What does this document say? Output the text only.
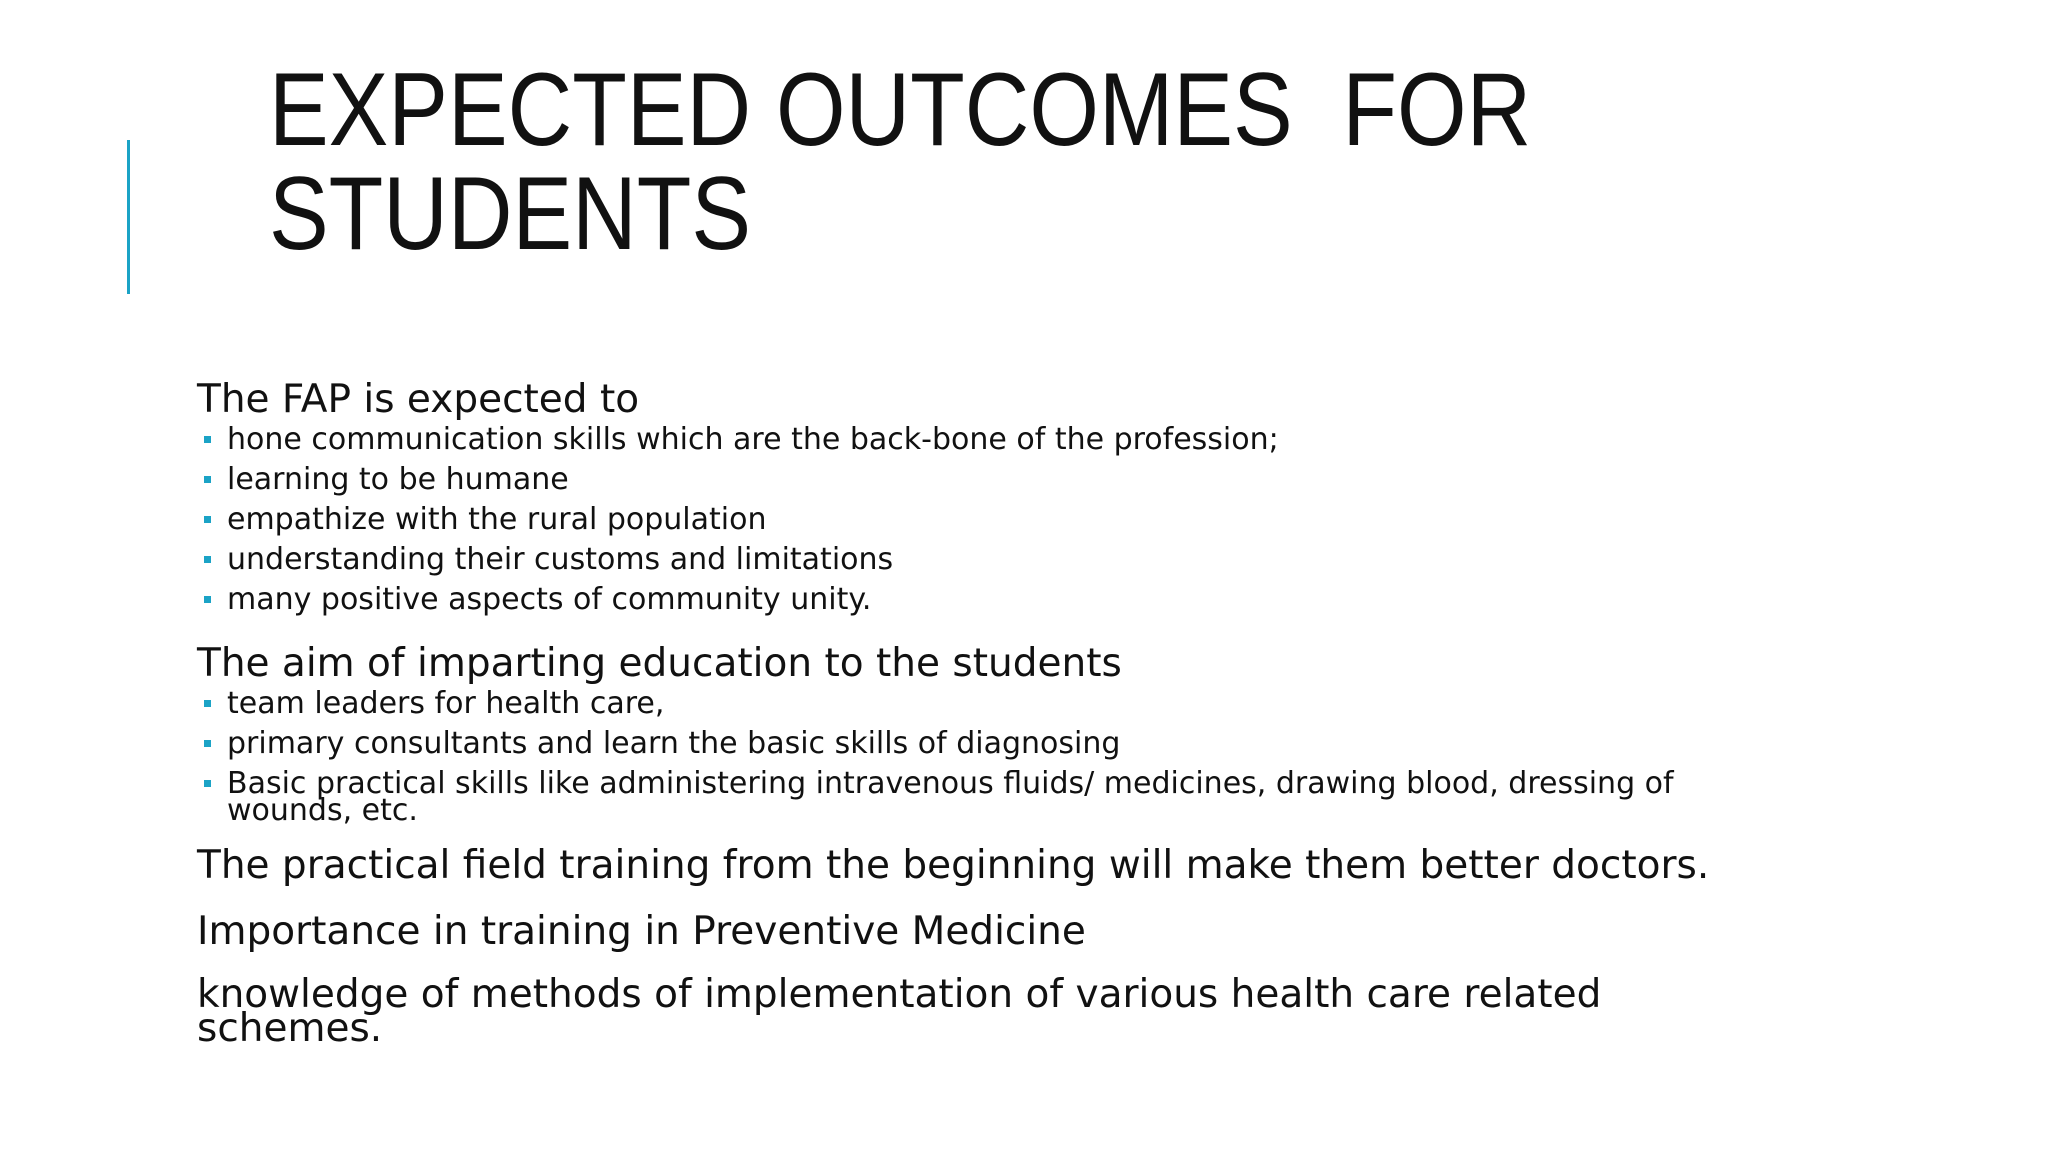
EXPECTED OUTCOMES  FOR
STUDENTS

The FAP is expected to

hone communication skills which are the back-bone of the profession;
learning to be humane
empathize with the rural population
understanding their customs and limitations
many positive aspects of community unity.

The aim of imparting education to the students

team leaders for health care,
primary consultants and learn the basic skills of diagnosing
Basic practical skills like administering intravenous fluids/ medicines, drawing blood, dressing of wounds, etc.

The practical field training from the beginning will make them better doctors.

Importance in training in Preventive Medicine

knowledge of methods of implementation of various health care related schemes.
